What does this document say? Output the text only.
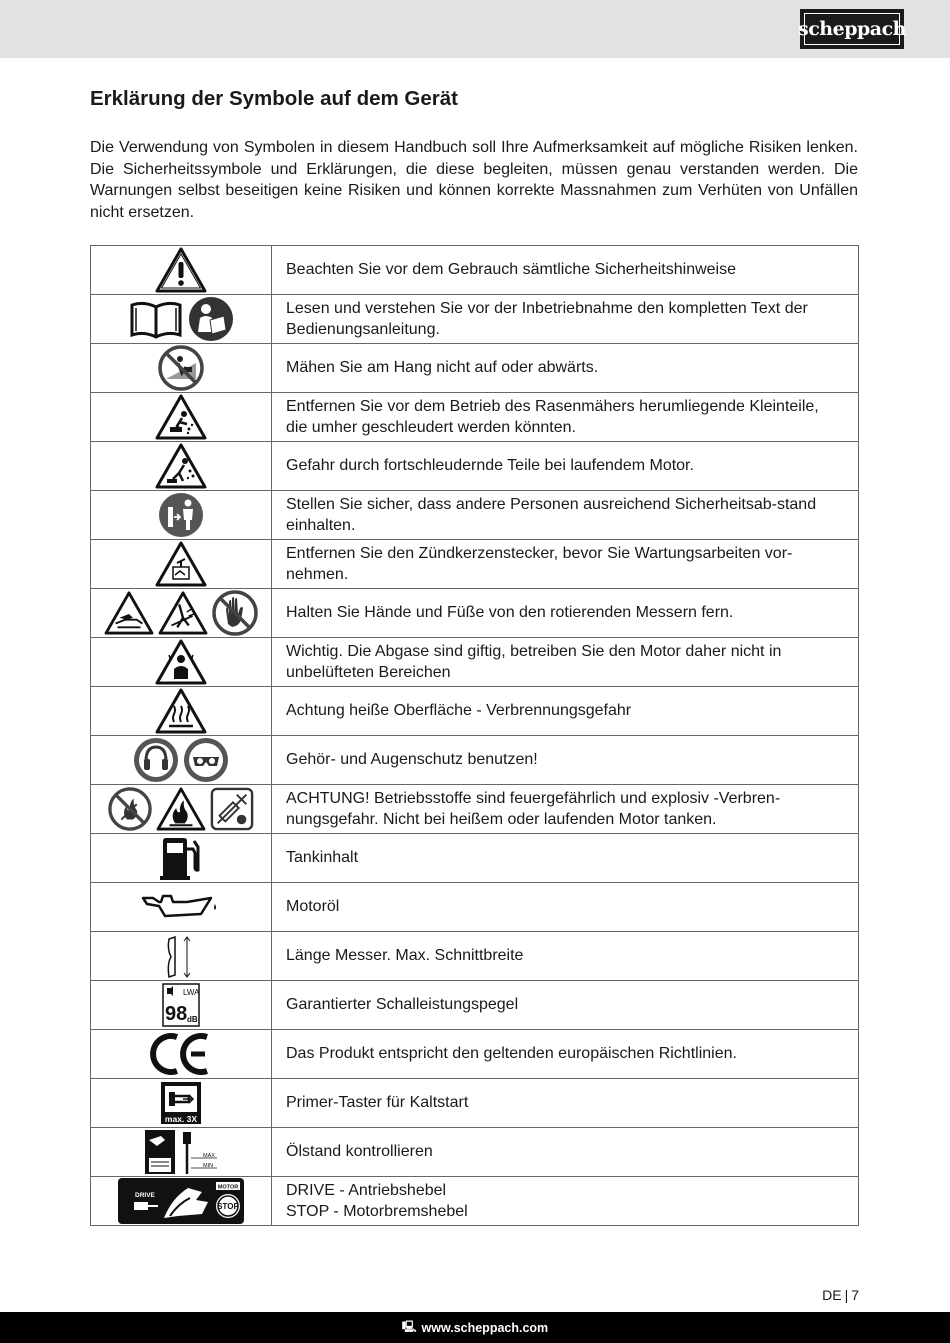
scheppach
Erklärung der Symbole auf dem Gerät

Die Verwendung von Symbolen in diesem Handbuch soll Ihre Aufmerksamkeit auf mögliche Risiken lenken. Die Sicherheitssymbole und Erklärungen, die diese begleiten, müssen genau verstanden werden. Die Warnungen selbst beseitigen keine Risiken und können korrekte Massnahmen zum Verhüten von Unfällen nicht ersetzen.

	Beachten Sie vor dem Gebrauch sämtliche Sicherheitshinweise
	Lesen und verstehen Sie vor der Inbetriebnahme den kompletten Text der Bedienungsanleitung.

	Mähen Sie am Hang nicht auf oder abwärts.

	Entfernen Sie vor dem Betrieb des Rasenmähers herumliegende Kleinteile, die umher geschleudert werden könnten.

	Gefahr durch fortschleudernde Teile bei laufendem Motor.

	Stellen Sie sicher, dass andere Personen ausreichend Sicherheitsab-stand einhalten.

	Entfernen Sie den Zündkerzenstecker, bevor Sie Wartungsarbeiten vor-nehmen.
	Halten Sie Hände und Füße von den rotierenden Messern fern.

	Wichtig. Die Abgase sind giftig, betreiben Sie den Motor daher nicht in unbelüfteten Bereichen

	Achtung heiße Oberfläche - Verbrennungsgefahr
	Gehör- und Augenschutz benutzen!
	ACHTUNG! Betriebsstoffe sind feuergefährlich und explosiv -Verbren-nungsgefahr. Nicht bei heißem oder laufenden Motor tanken.

	Tankinhalt

	Motoröl

	Länge Messer. Max. Schnittbreite

LWA
98 dB	Garantierter Schalleistungspegel

	Das Produkt entspricht den geltenden europäischen Richtlinien.

max. 3X	Primer-Taster für Kaltstart

MAX
MIN	Ölstand kontrollieren

DRIVE
MOTOR
STOP	DRIVE - Antriebshebel
STOP - Motorbremshebel
DE | 7
🖳 www.scheppach.com
